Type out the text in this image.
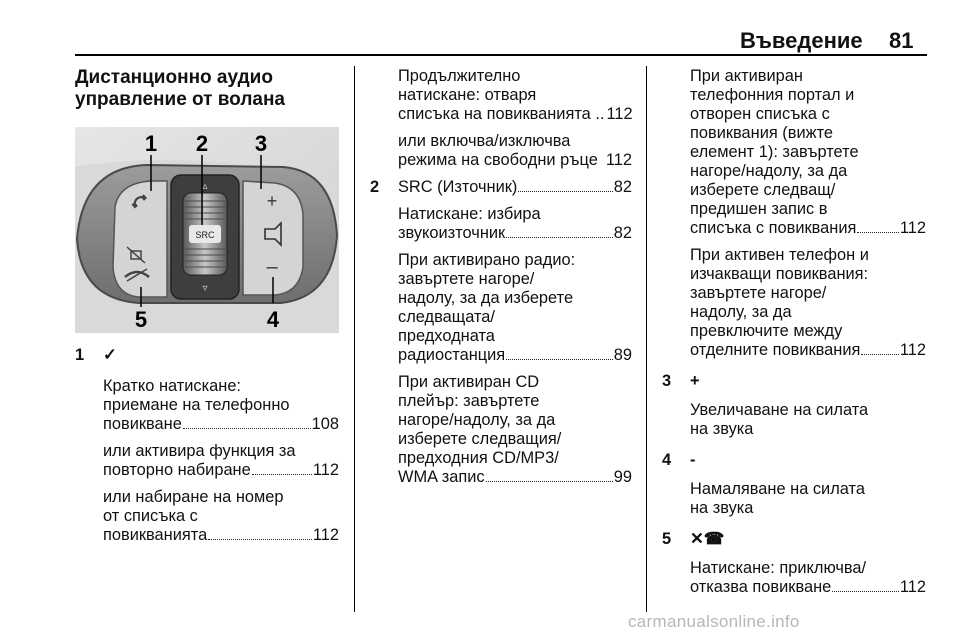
Въведение 81
Дистанционно аудио
управление от волана
SRC
▵
▿
+
–
1 2 3
4
5
1	✓

Кратко натискане:
приемане на телефонно
повикване	108

или активира функция за
повторно набиране	112

или набиране на номер
от списъка с
повикванията	112

Продължително
натискане: отваря
списъка на повикванията .. 112

или включва/изключва
режима на свободни ръце 112

2	SRC (Източник)	82

Натискане: избира
звукоизточник	82

При активирано радио:
завъртете нагоре/
надолу, за да изберете
следващата/
предходната
радиостанция	89

При активиран CD
плейър: завъртете
нагоре/надолу, за да
изберете следващия/
предходния CD/MP3/
WMA запис	99

При активиран
телефонния портал и
отворен списъка с
повиквания (вижте
елемент 1): завъртете
нагоре/надолу, за да
изберете следващ/
предишен запис в
списъка с повиквания	112

При активен телефон и
изчакващи повиквания:
завъртете нагоре/
надолу, за да
превключите между
отделните повиквания 112

3	+

Увеличаване на силата
на звука

4	-

Намаляване на силата
на звука

5	✕☎

Натискане: приключва/
отказва повикване	112

carmanualsonline.info
